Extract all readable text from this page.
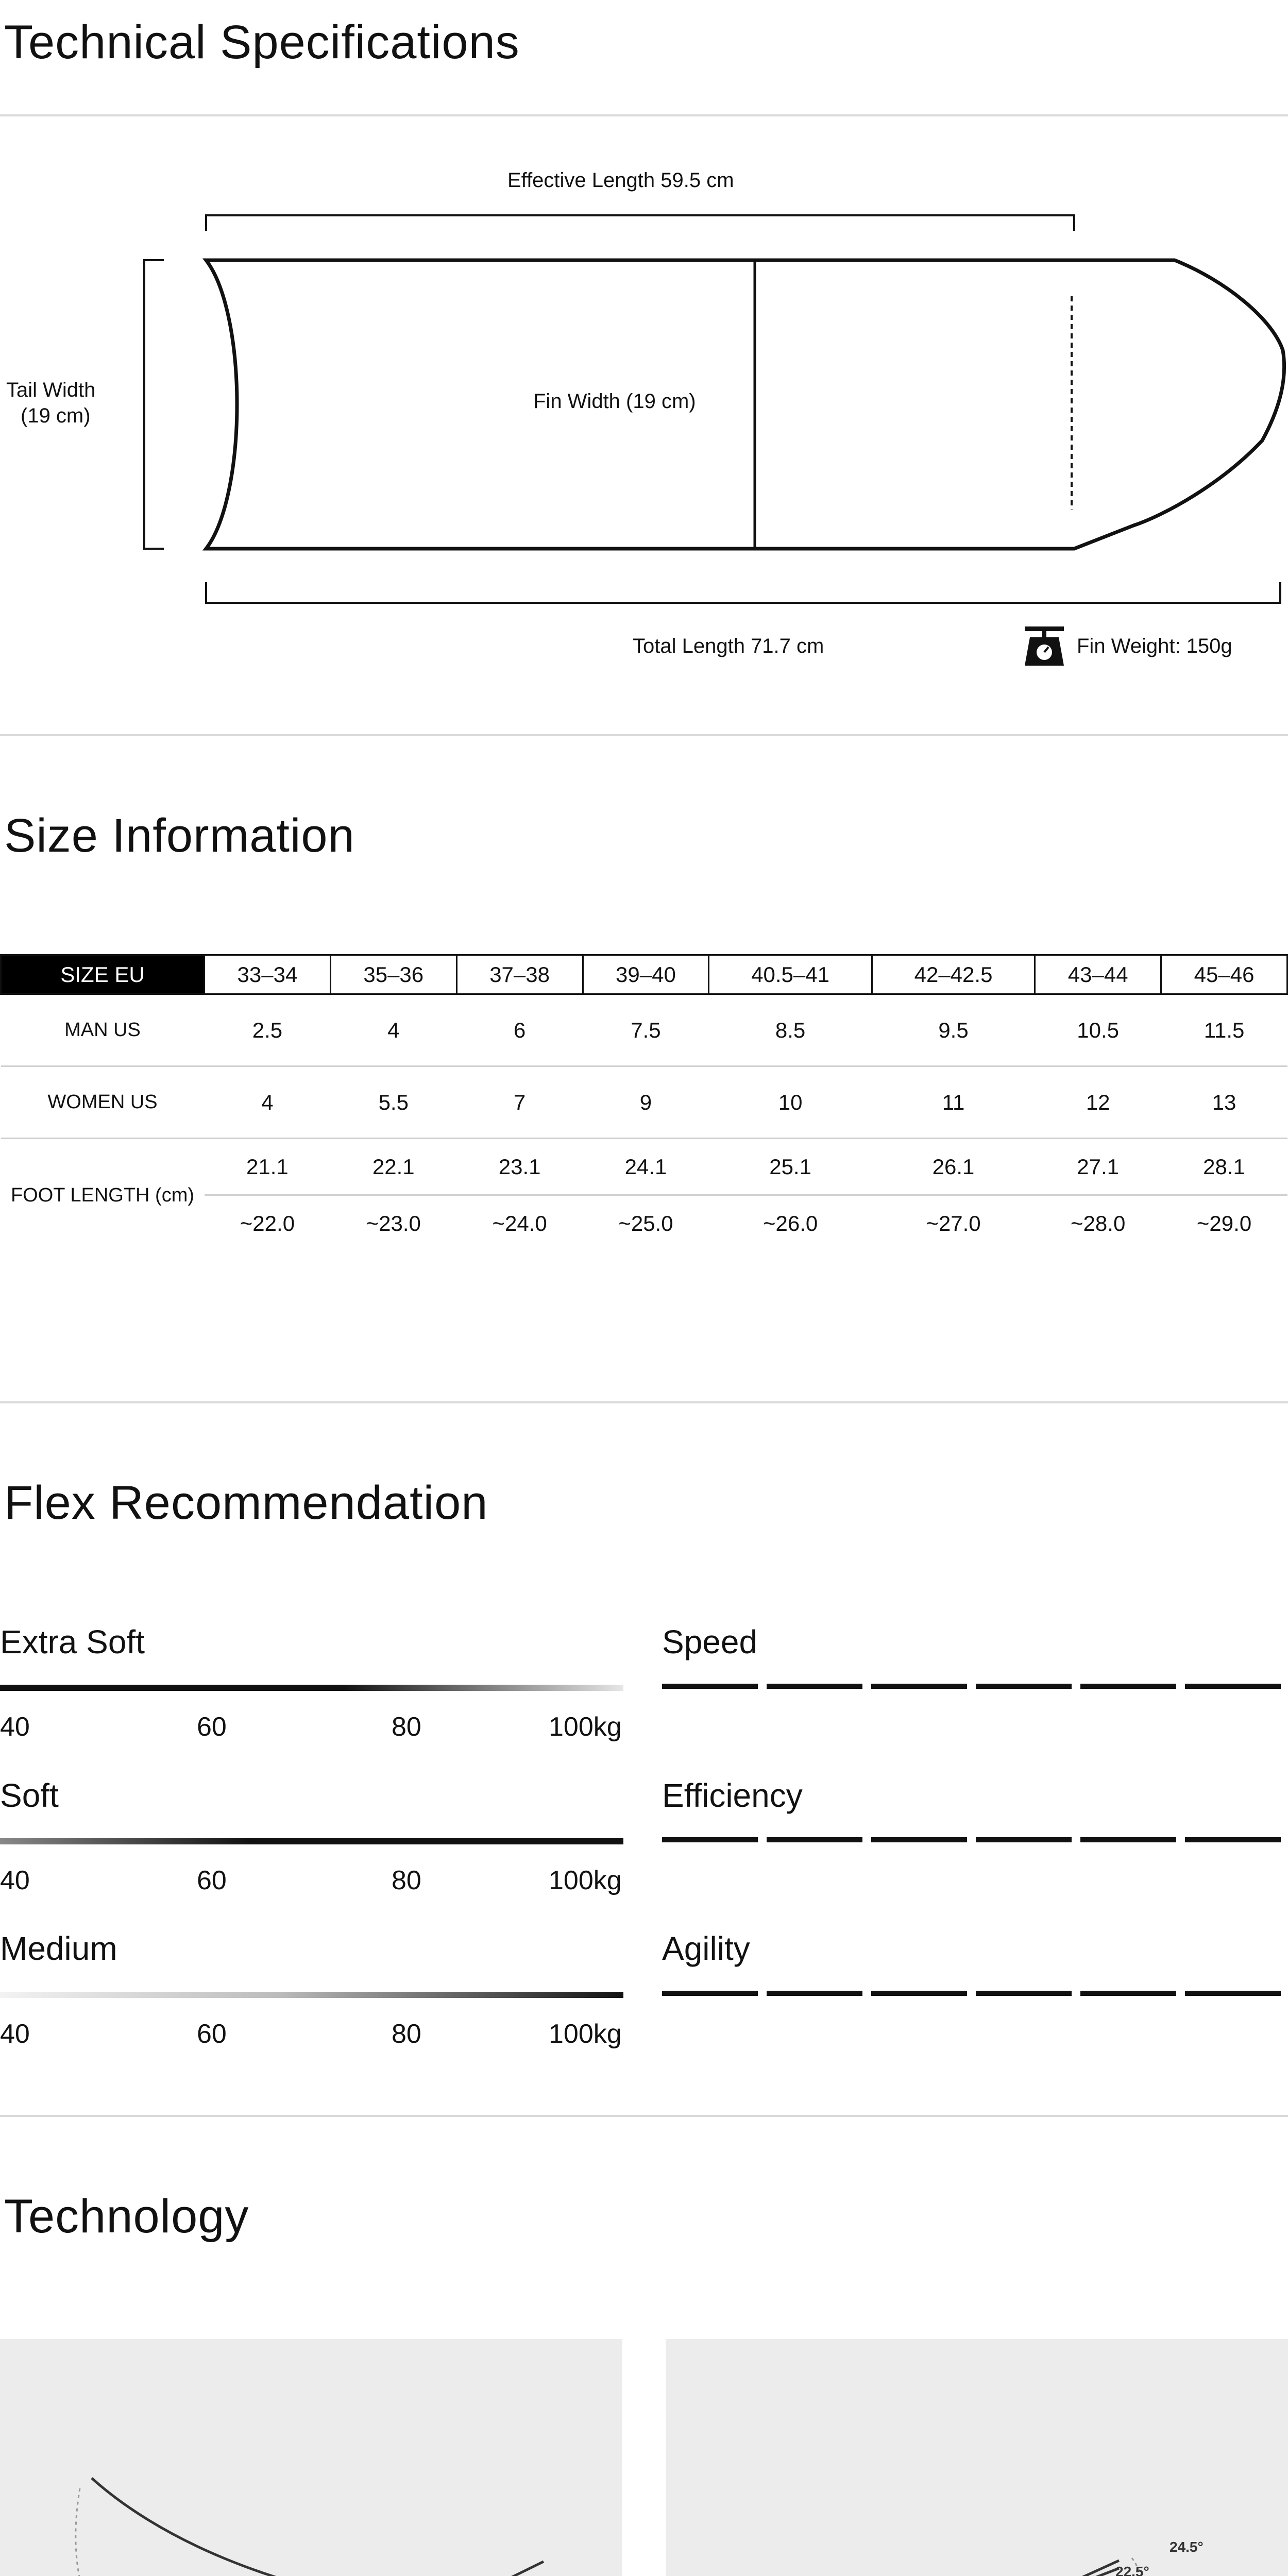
Technical Specifications
Effective Length 59.5 cm
Tail Width
(19 cm)
Fin Width (19 cm)
Total Length 71.7 cm	Fin Weight: 150g
Size Information
SIZE EU	33–34	35–36	37–38	39–40	40.5–41	42–42.5	43–44	45–46
MAN US	2.5	4	6	7.5	8.5	9.5	10.5	11.5
WOMEN US	4	5.5	7	9	10	11	12	13
FOOT LENGTH (cm)	21.1	22.1	23.1	24.1	25.1	26.1	27.1	28.1
	~22.0	~23.0	~24.0	~25.0	~26.0	~27.0	~28.0	~29.0
Flex Recommendation
Extra Soft
40	60	80	100kg
Soft
40	60	80	100kg
Medium
40	60	80	100kg
Speed
Efficiency
Agility
Technology
22.5°
24.5°
